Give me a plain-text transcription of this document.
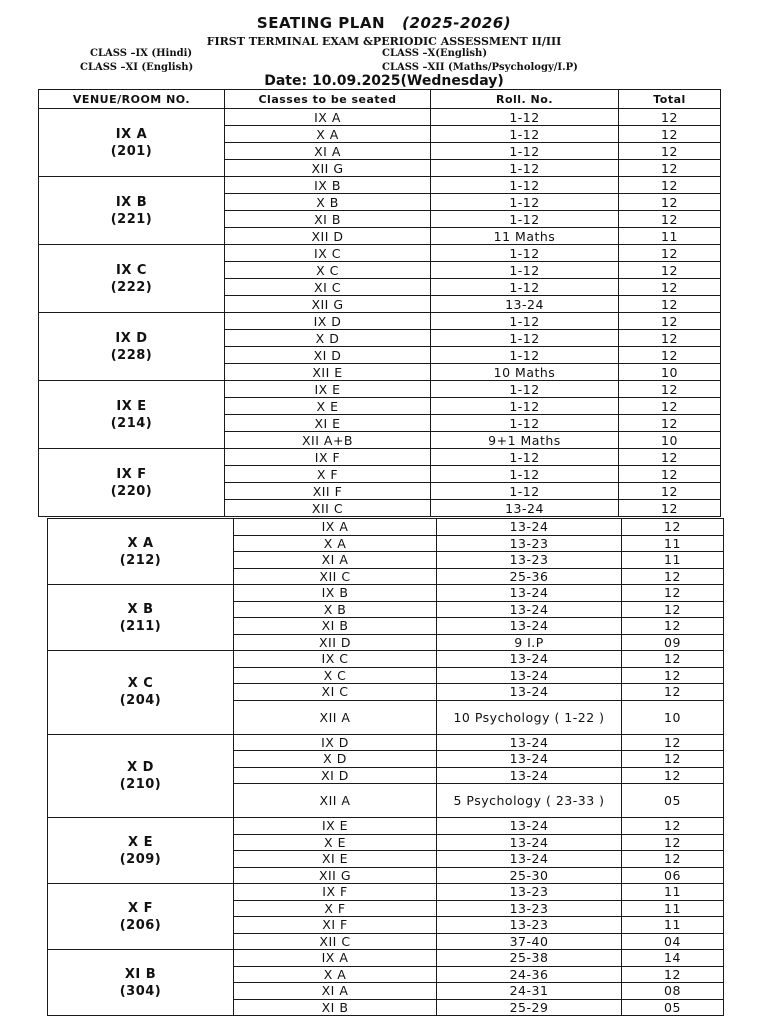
SEATING PLAN (2025-2026)
FIRST TERMINAL EXAM &PERIODIC ASSESSMENT II/III
CLASS –IX (Hindi)	CLASS –X(English)
CLASS –XI (English)	CLASS –XII (Maths/Psychology/I.P)
Date: 10.09.2025(Wednesday)
VENUE/ROOM NO.	Classes to be seated	Roll. No.	Total

IX A
(201)	IX A	1-12	12
	X A	1-12	12
	XI A	1-12	12
	XII G	1-12	12

IX B
(221)	IX B	1-12	12
	X B	1-12	12
	XI B	1-12	12
	XII D	11 Maths	11

IX C
(222)	IX C	1-12	12
	X C	1-12	12
	XI C	1-12	12
	XII G	13-24	12

IX D
(228)	IX D	1-12	12
	X D	1-12	12
	XI D	1-12	12
	XII E	10 Maths	10

IX E
(214)	IX E	1-12	12
	X E	1-12	12
	XI E	1-12	12
	XII A+B	9+1 Maths	10

IX F
(220)	IX F	1-12	12
	X F	1-12	12
	XII F	1-12	12
	XII C	13-24	12
X A
(212)	IX A	13-24	12
	X A	13-23	11
	XI A	13-23	11
	XII C	25-36	12

X B
(211)	IX B	13-24	12
	X B	13-24	12
	XI B	13-24	12
	XII D	9 I.P	09

X C
(204)	IX C	13-24	12
	X C	13-24	12
	XI C	13-24	12
	XII A	10 Psychology ( 1-22 )	10

X D
(210)	IX D	13-24	12
	X D	13-24	12
	XI D	13-24	12
	XII A	5 Psychology ( 23-33 )	05

X E
(209)	IX E	13-24	12
	X E	13-24	12
	XI E	13-24	12
	XII G	25-30	06

X F
(206)	IX F	13-23	11
	X F	13-23	11
	XI F	13-23	11
	XII C	37-40	04

XI B
(304)	IX A	25-38	14
	X A	24-36	12
	XI A	24-31	08
	XI B	25-29	05
